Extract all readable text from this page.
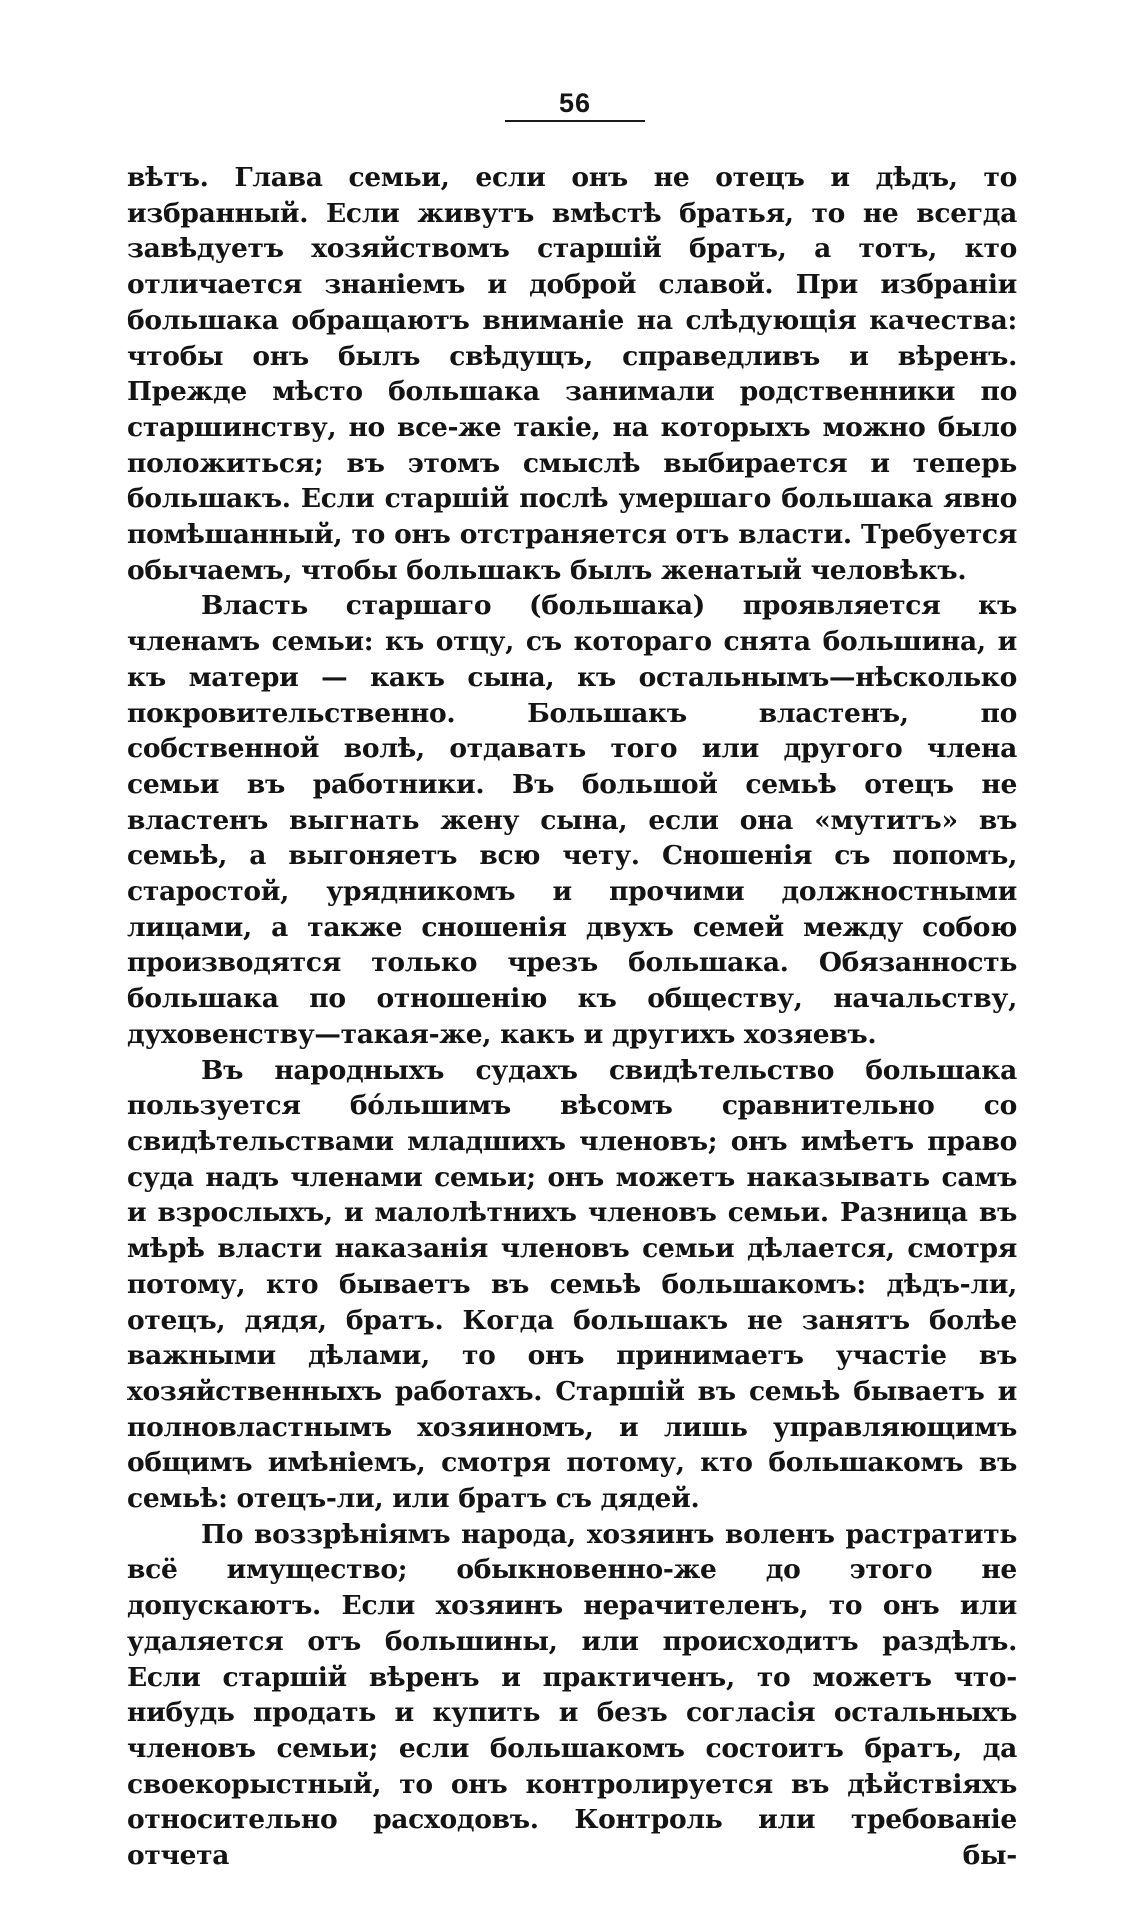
56

вѣтъ. Глава семьи, если онъ не отецъ и дѣдъ, то избранный. Если живутъ вмѣстѣ братья, то не всегда завѣдуетъ хозяйствомъ старшій братъ, а тотъ, кто отличается знаніемъ и доброй славой. При избраніи большака обращаютъ вниманіе на слѣдующія качества: чтобы онъ былъ свѣдущъ, справедливъ и вѣренъ. Прежде мѣсто большака занимали родственники по старшинству, но все-же такіе, на которыхъ можно было положиться; въ этомъ смыслѣ выбирается и теперь большакъ. Если старшій послѣ умершаго большака явно помѣшанный, то онъ отстраняется отъ власти. Требуется обычаемъ, чтобы большакъ былъ женатый человѣкъ.

Власть старшаго (большака) проявляется къ членамъ семьи: къ отцу, съ котораго снята большина, и къ матери — какъ сына, къ остальнымъ—нѣсколько покровительственно. Большакъ властенъ, по собственной волѣ, отдавать того или другого члена семьи въ работники. Въ большой семьѣ отецъ не властенъ выгнать жену сына, если она «мутитъ» въ семьѣ, а выгоняетъ всю чету. Сношенія съ попомъ, старостой, урядникомъ и прочими должностными лицами, а также сношенія двухъ семей между собою производятся только чрезъ большака. Обязанность большака по отношенію къ обществу, начальству, духовенству—такая-же, какъ и другихъ хозяевъ.

Въ народныхъ судахъ свидѣтельство большака пользуется бо́льшимъ вѣсомъ сравнительно со свидѣтельствами младшихъ членовъ; онъ имѣетъ право суда надъ членами семьи; онъ можетъ наказывать самъ и взрослыхъ, и малолѣтнихъ членовъ семьи. Разница въ мѣрѣ власти наказанія членовъ семьи дѣлается, смотря потому, кто бываетъ въ семьѣ большакомъ: дѣдъ-ли, отецъ, дядя, братъ. Когда большакъ не занятъ болѣе важными дѣлами, то онъ принимаетъ участіе въ хозяйственныхъ работахъ. Старшій въ семьѣ бываетъ и полновластнымъ хозяиномъ, и лишь управляющимъ общимъ имѣніемъ, смотря потому, кто большакомъ въ семьѣ: отецъ-ли, или братъ съ дядей.

По воззрѣніямъ народа, хозяинъ воленъ растратить всё имущество; обыкновенно-же до этого не допускаютъ. Если хозяинъ нерачителенъ, то онъ или удаляется отъ большины, или происходитъ раздѣлъ. Если старшій вѣренъ и практиченъ, то можетъ что-нибудь продать и купить и безъ согласія остальныхъ членовъ семьи; если большакомъ состоитъ братъ, да своекорыстный, то онъ контролируется въ дѣйствіяхъ относительно расходовъ. Контроль или требованіе отчета бы-
